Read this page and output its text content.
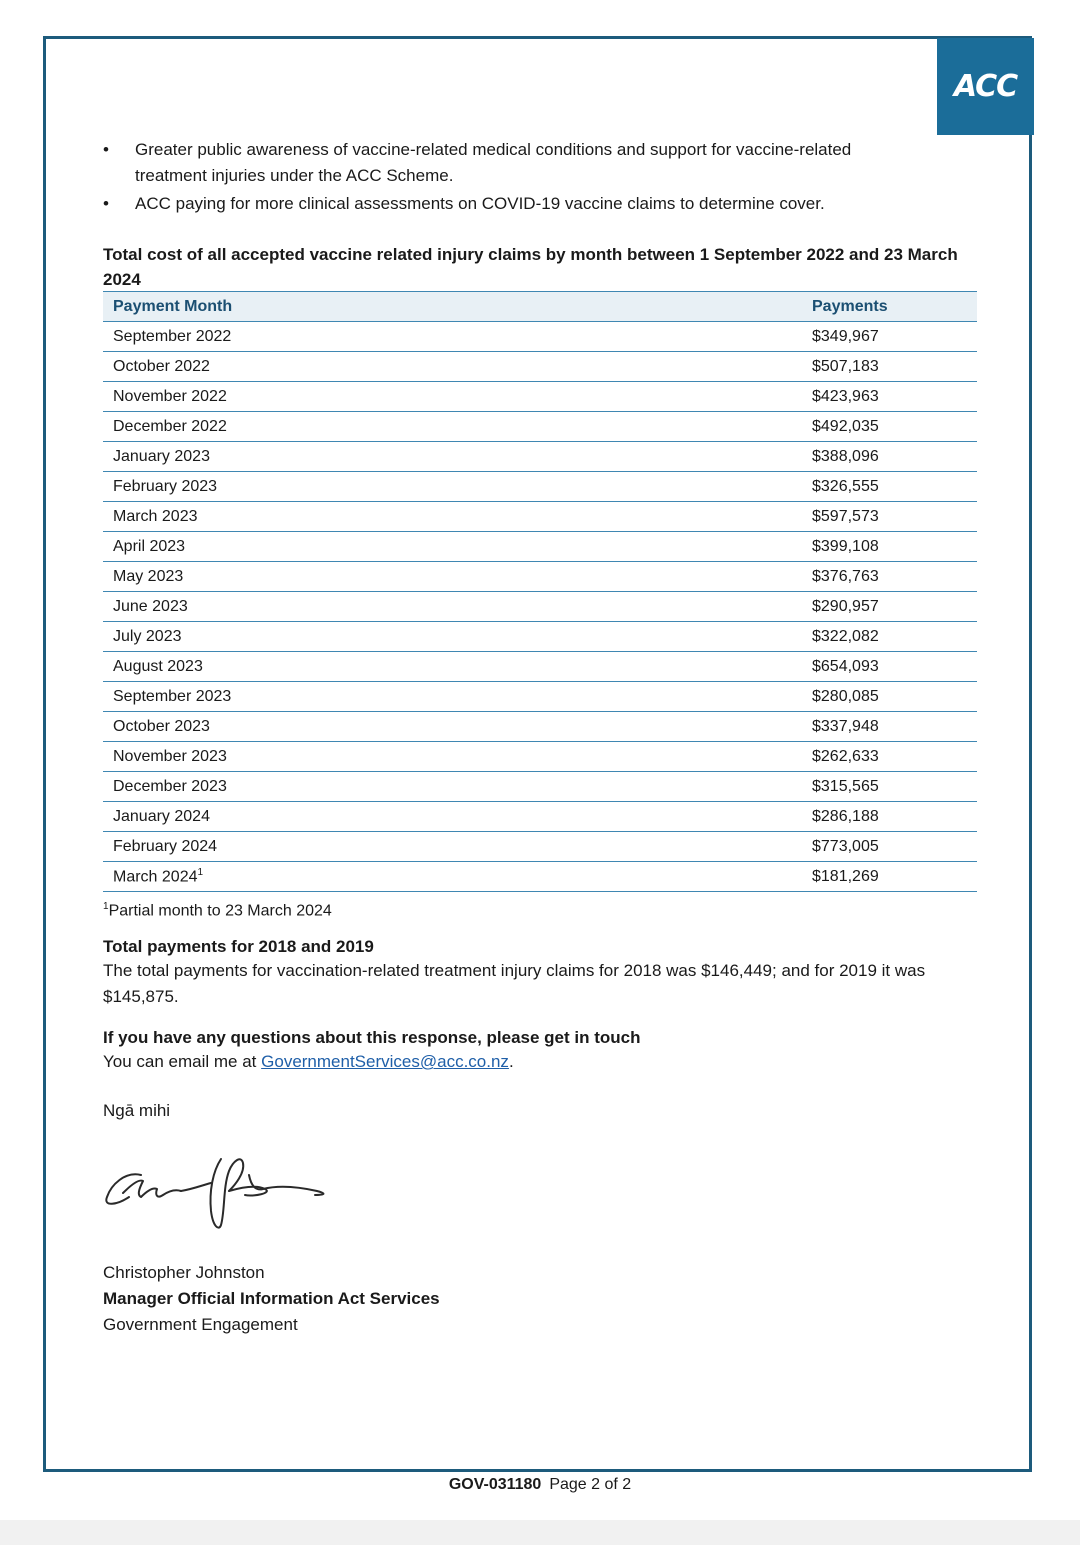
ACC
• Greater public awareness of vaccine-related medical conditions and support for vaccine-related treatment injuries under the ACC Scheme.
• ACC paying for more clinical assessments on COVID-19 vaccine claims to determine cover.
Total cost of all accepted vaccine related injury claims by month between 1 September 2022 and 23 March 2024
Payment Month	Payments
September 2022	$349,967
October 2022	$507,183
November 2022	$423,963
December 2022	$492,035
January 2023	$388,096
February 2023	$326,555
March 2023	$597,573
April 2023	$399,108
May 2023	$376,763
June 2023	$290,957
July 2023	$322,082
August 2023	$654,093
September 2023	$280,085
October 2023	$337,948
November 2023	$262,633
December 2023	$315,565
January 2024	$286,188
February 2024	$773,005
March 2024$^1$	$181,269
$^1$Partial month to 23 March 2024
Total payments for 2018 and 2019
The total payments for vaccination-related treatment injury claims for 2018 was $146,449; and for 2019 it was $145,875.
If you have any questions about this response, please get in touch
You can email me at GovernmentServices@acc.co.nz.
Ngā mihi
Christopher Johnston
Manager Official Information Act Services
Government Engagement
GOV-031180 Page 2 of 2
